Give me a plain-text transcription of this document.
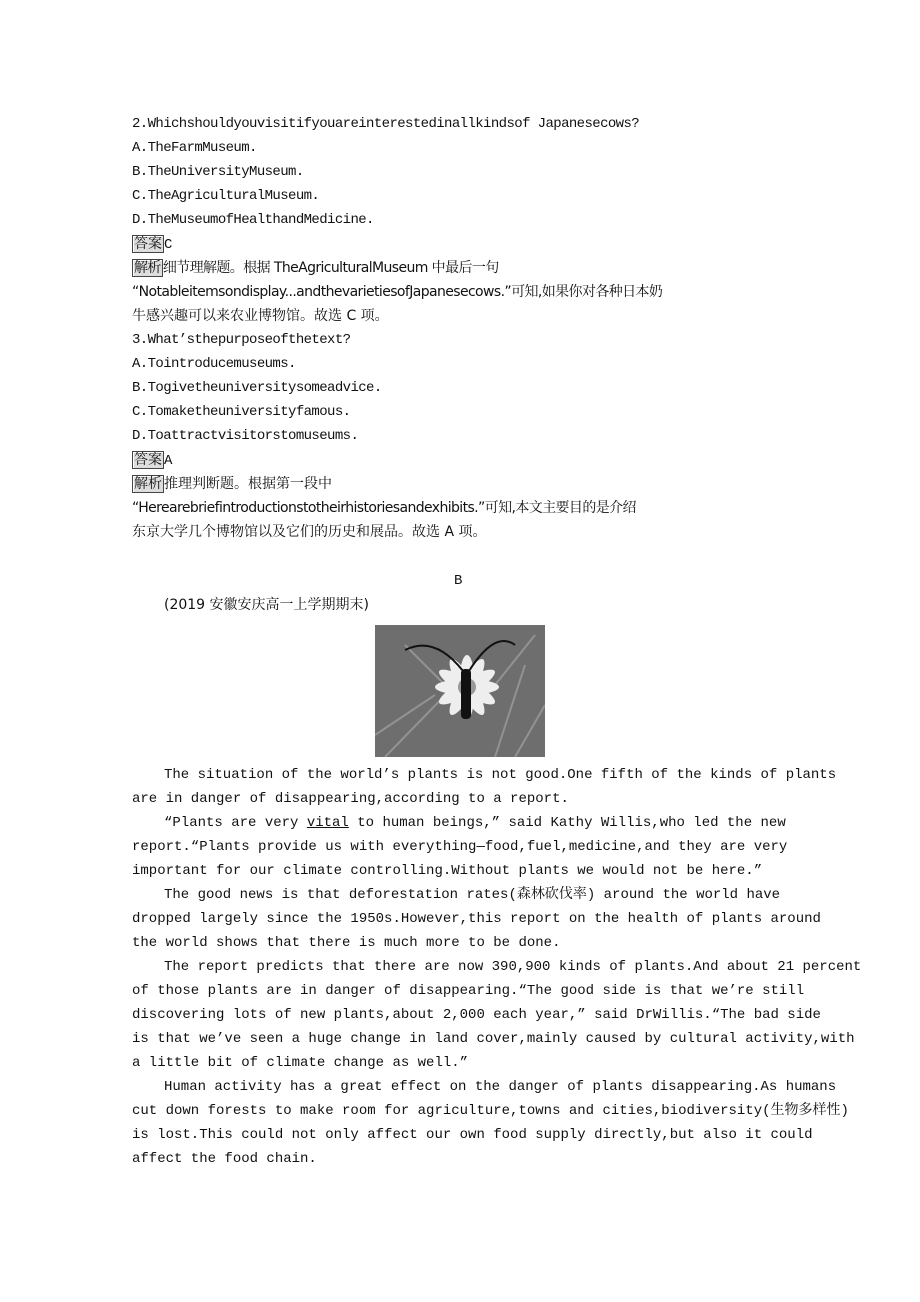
2.Whichshouldyouvisitifyouareinterestedinallkindsof Japanesecows?
A.TheFarmMuseum.
B.TheUniversityMuseum.
C.TheAgriculturalMuseum.
D.TheMuseumofHealthandMedicine.
答案 C
解析 细节理解题。根据 TheAgriculturalMuseum 中最后一句
“Notableitemsondisplay...andthevarietiesofJapanesecows.”可知,如果你对各种日本奶
牛感兴趣可以来农业博物馆。故选 C 项。
3.What’sthepurposeofthetext?
A.Tointroducemuseums.
B.Togivetheuniversitysomeadvice.
C.Tomaketheuniversityfamous.
D.Toattractvisitorstomuseums.
答案 A
解析 推理判断题。根据第一段中
“Herearebriefintroductionstotheirhistoriesandexhibits.”可知,本文主要目的是介绍
东京大学几个博物馆以及它们的历史和展品。故选 A 项。
B
(2019 安徽安庆高一上学期期末)
The situation of the world’s plants is not good.One fifth of the kinds of plants
are in danger of disappearing,according to a report.
“Plants are very vital to human beings,” said Kathy Willis,who led the new
report.“Plants provide us with everything—food,fuel,medicine,and they are very
important for our climate controlling.Without plants we would not be here.”
The good news is that deforestation rates(森林砍伐率) around the world have
dropped largely since the 1950s.However,this report on the health of plants around
the world shows that there is much more to be done.
The report predicts that there are now 390,900 kinds of plants.And about 21 percent
of those plants are in danger of disappearing.“The good side is that we’re still
discovering lots of new plants,about 2,000 each year,” said DrWillis.“The bad side
is that we’ve seen a huge change in land cover,mainly caused by cultural activity,with
a little bit of climate change as well.”
Human activity has a great effect on the danger of plants disappearing.As humans
cut down forests to make room for agriculture,towns and cities,biodiversity(生物多样性)
is lost.This could not only affect our own food supply directly,but also it could
affect the food chain.
